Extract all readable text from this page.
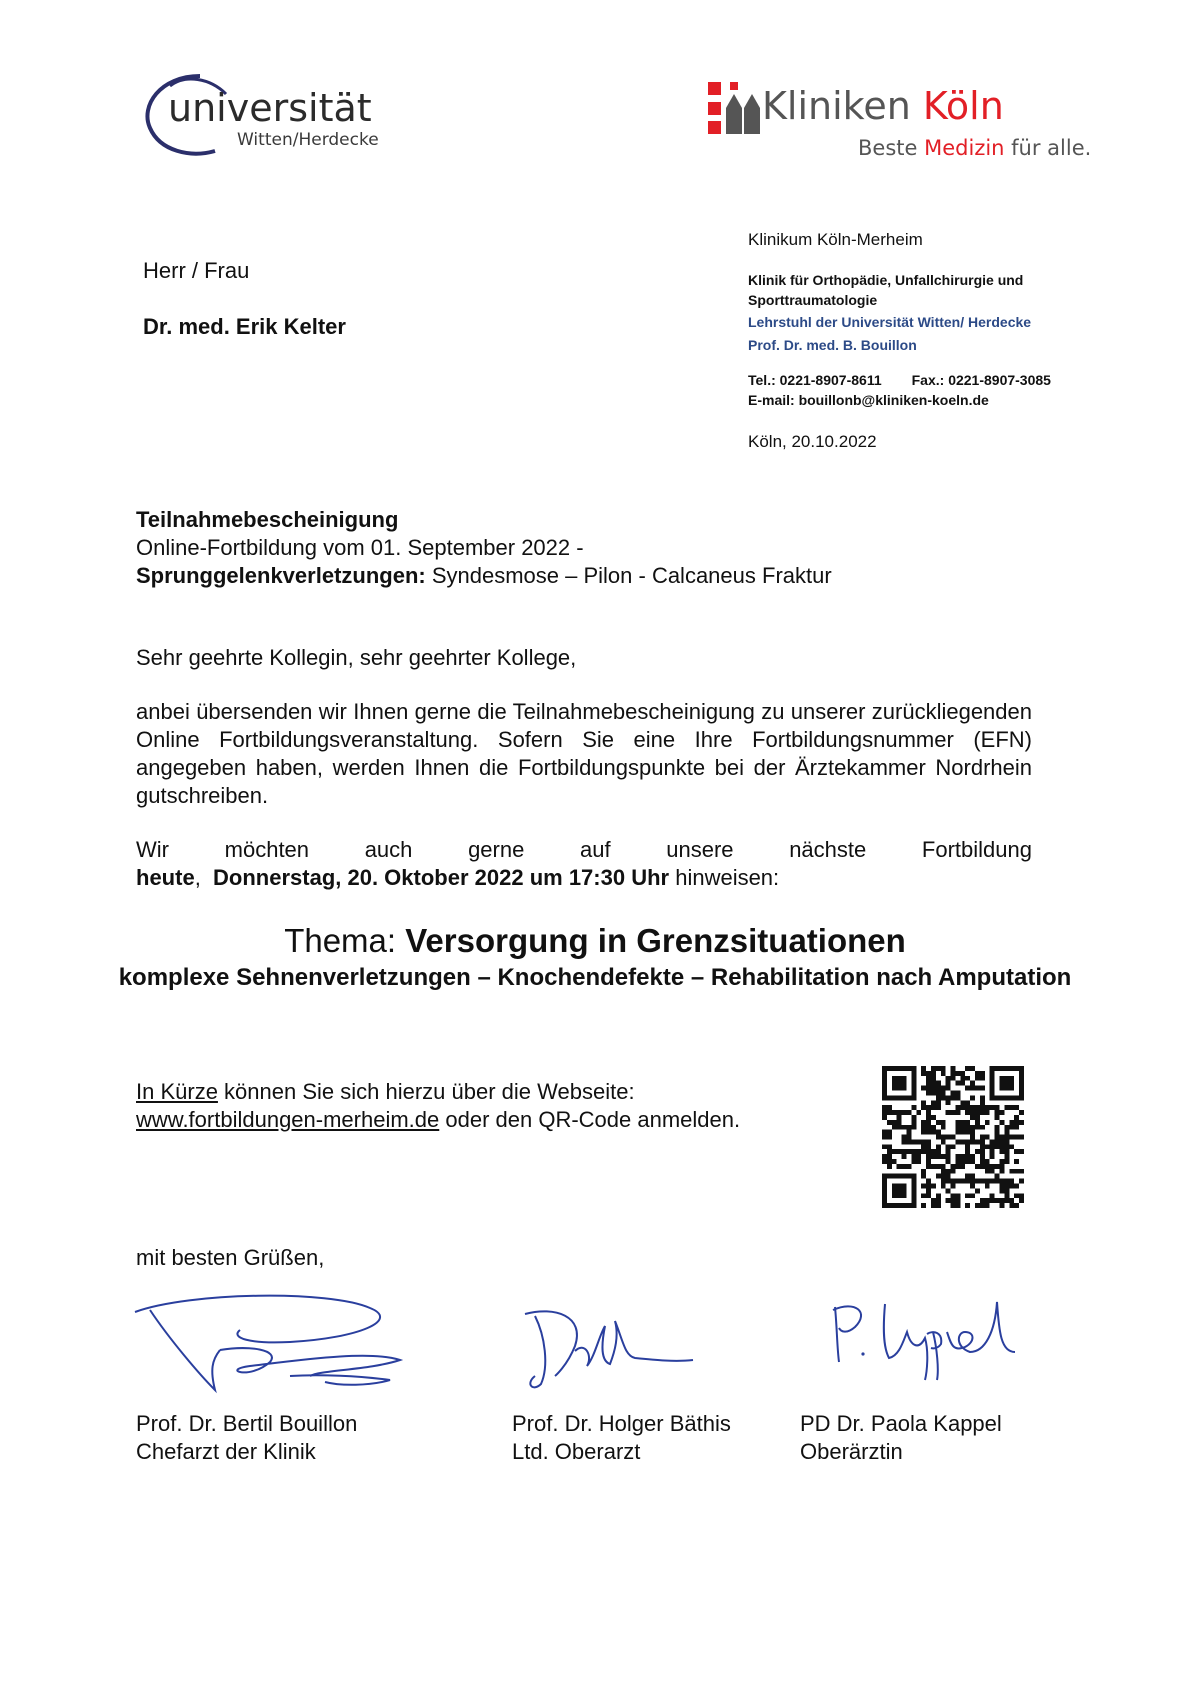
universität
Witten/Herdecke
Kliniken Köln
Beste Medizin für alle.
Klinikum Köln-Merheim
Klinik für Orthopädie, Unfallchirurgie und Sporttraumatologie
Lehrstuhl der Universität Witten/ Herdecke
Prof. Dr. med. B. Bouillon
Tel.: 0221-8907-8611 Fax.: 0221-8907-3085
E-mail: bouillonb@kliniken-koeln.de
Köln, 20.10.2022
Herr / Frau
Dr. med. Erik Kelter
Teilnahmebescheinigung
Online-Fortbildung vom 01. September 2022 -
Sprunggelenkverletzungen: Syndesmose – Pilon - Calcaneus Fraktur
Sehr geehrte Kollegin, sehr geehrter Kollege,
anbei übersenden wir Ihnen gerne die Teilnahmebescheinigung zu unserer zurückliegenden Online Fortbildungsveranstaltung. Sofern Sie eine Ihre Fortbildungsnummer (EFN) angegeben haben, werden Ihnen die Fortbildungspunkte bei der Ärztekammer Nordrhein gutschreiben.
Wir	möchten	auch	gerne	auf	unsere	nächste	Fortbildung
heute,  Donnerstag, 20. Oktober 2022 um 17:30 Uhr hinweisen:
Thema: Versorgung in Grenzsituationen
komplexe Sehnenverletzungen – Knochendefekte – Rehabilitation nach Amputation
In Kürze können Sie sich hierzu über die Webseite:
www.fortbildungen-merheim.de oder den QR-Code anmelden.
mit besten Grüßen,
Prof. Dr. Bertil Bouillon
Chefarzt der Klinik
Prof. Dr. Holger Bäthis
Ltd. Oberarzt
PD Dr. Paola Kappel
Oberärztin
